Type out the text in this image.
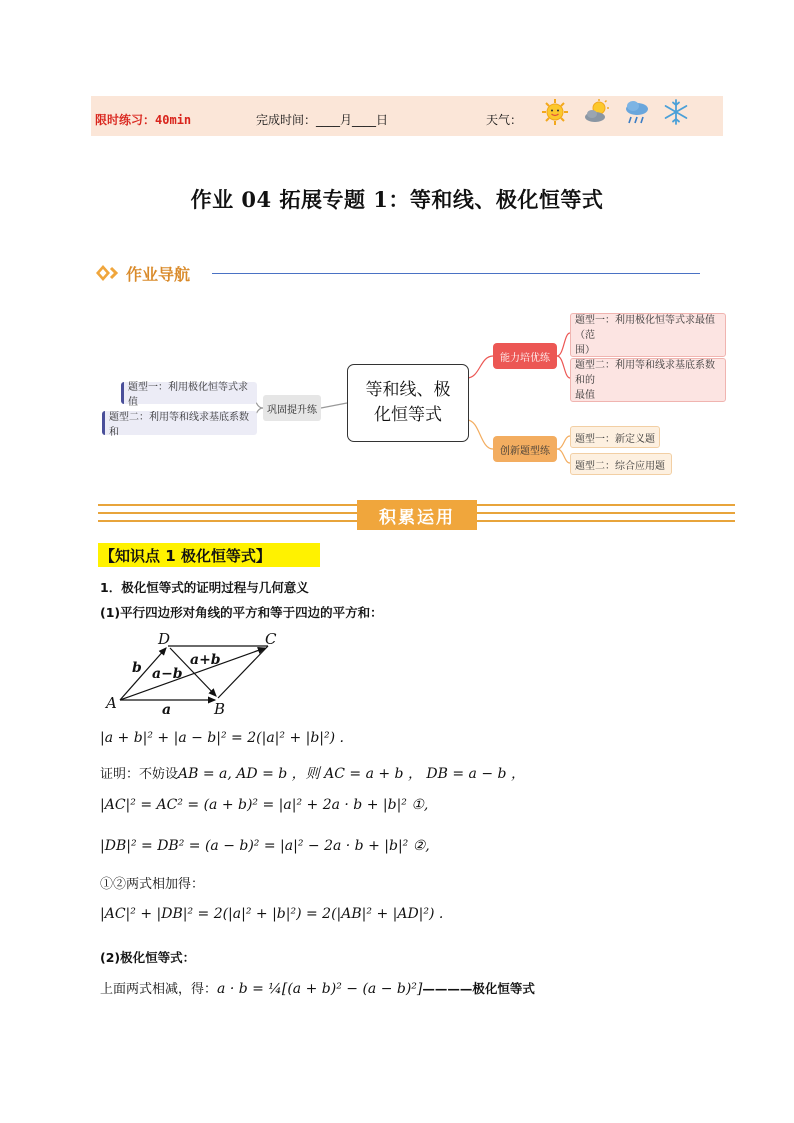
限时练习：40min	完成时间：____月____日	天气：
作业 04 拓展专题 1：等和线、极化恒等式
作业导航
等和线、极
化恒等式
题型一：利用极化恒等式求值
题型二：利用等和线求基底系数和
巩固提升练
能力培优练
创新题型练
题型一：利用极化恒等式求最值（范
围）
题型二：利用等和线求基底系数和的
最值
题型一：新定义题
题型二：综合应用题
积累运用
【知识点 1 极化恒等式】
1．极化恒等式的证明过程与几何意义
(1)平行四边形对角线的平方和等于四边的平方和：
D	C
A	B
b
a
a−b
a+b
|a + b|² + |a − b|² = 2(|a|² + |b|²) .
证明：不妨设AB = a, AD = b ，则 AC = a + b ， DB = a − b ，
|AC|² = AC² = (a + b)² = |a|² + 2a · b + |b|² ①,
|DB|² = DB² = (a − b)² = |a|² − 2a · b + |b|² ②,
①②两式相加得：
|AC|² + |DB|² = 2(|a|² + |b|²) = 2(|AB|² + |AD|²) .
(2)极化恒等式：
上面两式相减，得：a · b = ¼[(a + b)² − (a − b)²]————极化恒等式
